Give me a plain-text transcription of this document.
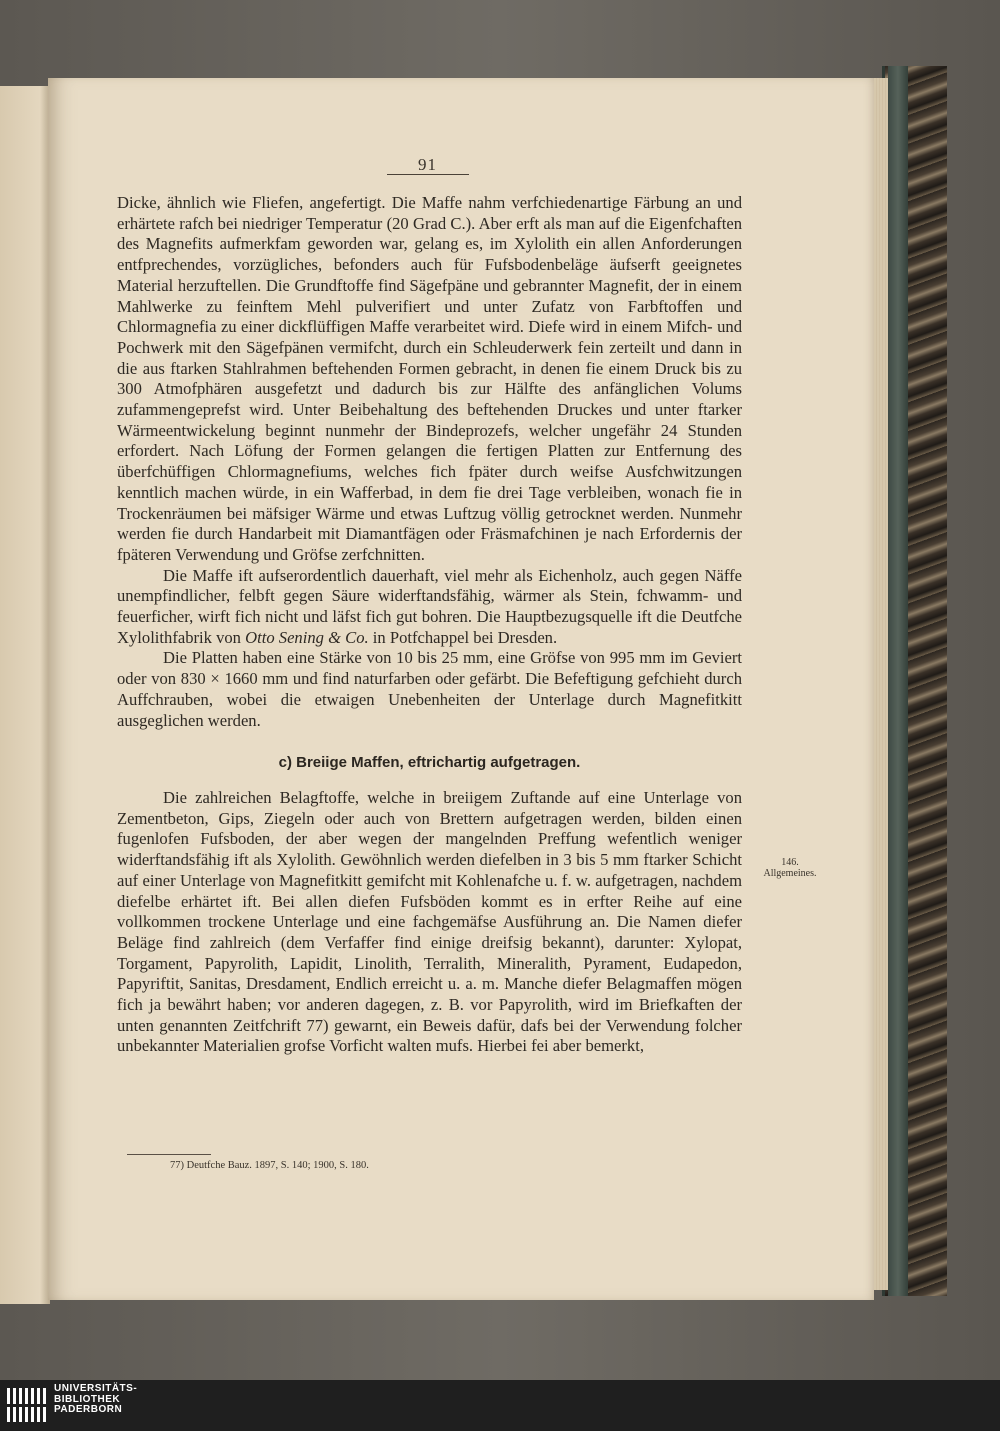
91

Dicke, ähnlich wie Fliefen, angefertigt. Die Maffe nahm verfchiedenartige Färbung an und erhärtete rafch bei niedriger Temperatur (20 Grad C.). Aber erft als man auf die Eigenfchaften des Magnefits aufmerkfam geworden war, gelang es, im Xylolith ein allen Anforderungen entfprechendes, vorzügliches, befonders auch für Fufsbodenbeläge äufserft geeignetes Material herzuftellen. Die Grundftoffe find Sägefpäne und gebrannter Magnefit, der in einem Mahlwerke zu feinftem Mehl pulverifiert und unter Zufatz von Farbftoffen und Chlormagnefia zu einer dickflüffigen Maffe verarbeitet wird. Diefe wird in einem Mifch- und Pochwerk mit den Sägefpänen vermifcht, durch ein Schleuderwerk fein zerteilt und dann in die aus ftarken Stahlrahmen beftehenden Formen gebracht, in denen fie einem Druck bis zu 300 Atmofphären ausgefetzt und dadurch bis zur Hälfte des anfänglichen Volums zufammengeprefst wird. Unter Beibehaltung des beftehenden Druckes und unter ftarker Wärmeentwickelung beginnt nunmehr der Bindeprozefs, welcher ungefähr 24 Stunden erfordert. Nach Löfung der Formen gelangen die fertigen Platten zur Entfernung des überfchüffigen Chlormagnefiums, welches fich fpäter durch weifse Ausfchwitzungen kenntlich machen würde, in ein Wafferbad, in dem fie drei Tage verbleiben, wonach fie in Trockenräumen bei mäfsiger Wärme und etwas Luftzug völlig getrocknet werden. Nunmehr werden fie durch Handarbeit mit Diamantfägen oder Fräsmafchinen je nach Erfordernis der fpäteren Verwendung und Gröfse zerfchnitten.

Die Maffe ift aufserordentlich dauerhaft, viel mehr als Eichenholz, auch gegen Näffe unempfindlicher, felbft gegen Säure widerftandsfähig, wärmer als Stein, fchwamm- und feuerficher, wirft fich nicht und läfst fich gut bohren. Die Hauptbezugsquelle ift die Deutfche Xylolithfabrik von Otto Sening & Co. in Potfchappel bei Dresden.

Die Platten haben eine Stärke von 10 bis 25 mm, eine Gröfse von 995 mm im Geviert oder von 830 × 1660 mm und find naturfarben oder gefärbt. Die Befeftigung gefchieht durch Auffchrauben, wobei die etwaigen Unebenheiten der Unterlage durch Magnefitkitt ausgeglichen werden.

c) Breiige Maffen, eftrichartig aufgetragen.

Die zahlreichen Belagftoffe, welche in breiigem Zuftande auf eine Unterlage von Zementbeton, Gips, Ziegeln oder auch von Brettern aufgetragen werden, bilden einen fugenlofen Fufsboden, der aber wegen der mangelnden Preffung wefentlich weniger widerftandsfähig ift als Xylolith. Gewöhnlich werden diefelben in 3 bis 5 mm ftarker Schicht auf einer Unterlage von Magnefitkitt gemifcht mit Kohlenafche u. f. w. aufgetragen, nachdem diefelbe erhärtet ift. Bei allen diefen Fufsböden kommt es in erfter Reihe auf eine vollkommen trockene Unterlage und eine fachgemäfse Ausführung an. Die Namen diefer Beläge find zahlreich (dem Verfaffer find einige dreifsig bekannt), darunter: Xylopat, Torgament, Papyrolith, Lapidit, Linolith, Terralith, Mineralith, Pyrament, Eudapedon, Papyriftit, Sanitas, Dresdament, Endlich erreicht u. a. m. Manche diefer Belagmaffen mögen fich ja bewährt haben; vor anderen dagegen, z. B. vor Papyrolith, wird im Briefkaften der unten genannten Zeitfchrift 77) gewarnt, ein Beweis dafür, dafs bei der Verwendung folcher unbekannter Materialien grofse Vorficht walten mufs. Hierbei fei aber bemerkt,

146.
Allgemeines.
77) Deutfche Bauz. 1897, S. 140; 1900, S. 180.
UNIVERSITÄTS-
BIBLIOTHEK
PADERBORN
